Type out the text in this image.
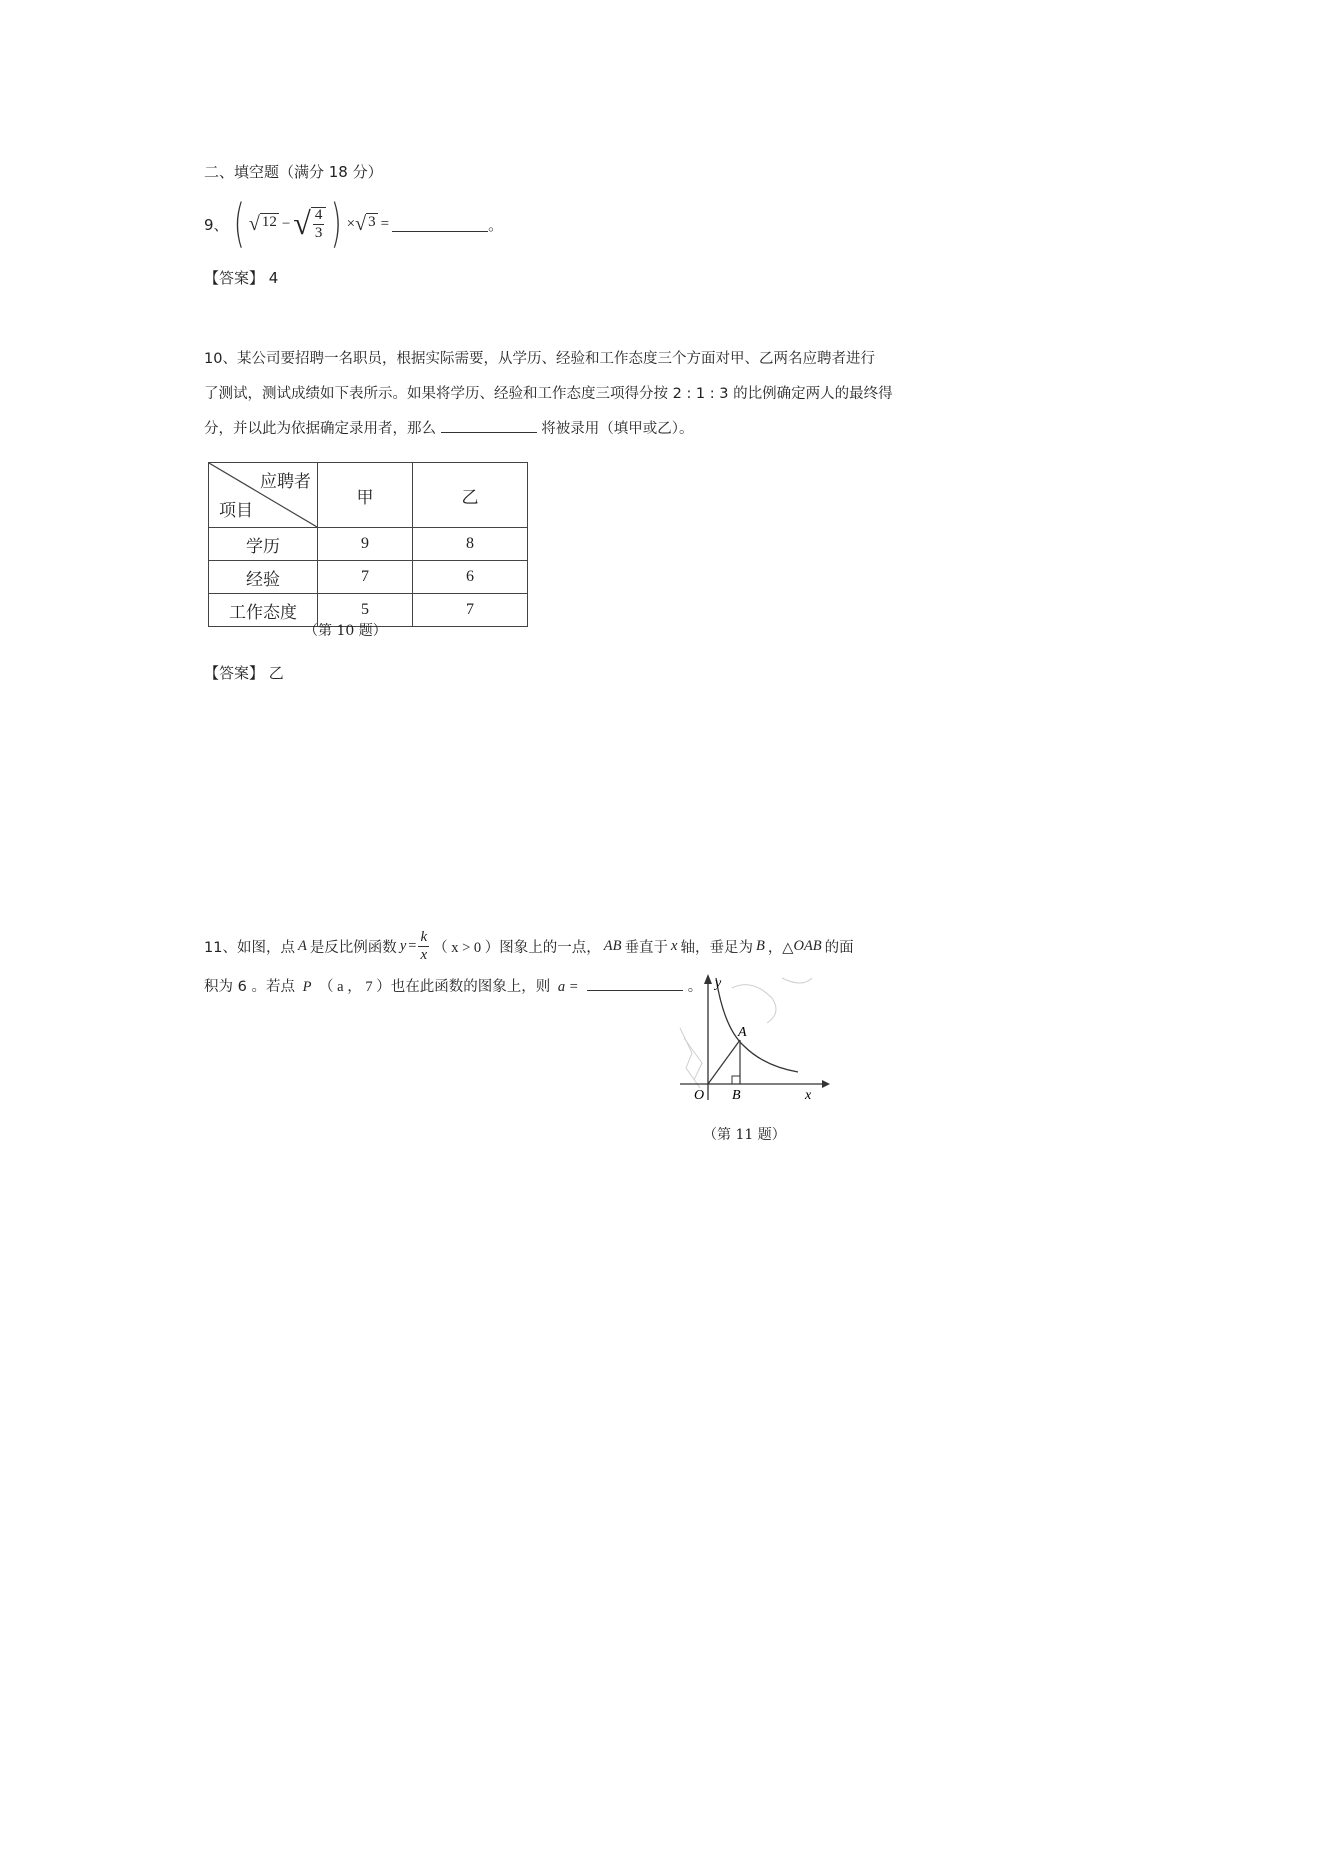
二、填空题（满分 18 分）
9、 ( √ 12 − √ $\frac{4}{3}$ ) × √ 3 =	。
【答案】 4
10、某公司要招聘一名职员，根据实际需要，从学历、经验和工作态度三个方面对甲、乙两名应聘者进行
了测试，测试成绩如下表所示。如果将学历、经验和工作态度三项得分按 2 : 1 : 3 的比例确定两人的最终得
分，并以此为依据确定录用者，那么	将被录用（填甲或乙）。
应聘者
项目	甲	乙
学历	9	8
经验	7	6
工作态度	5	7
（第 10 题）
【答案】 乙
11、如图，点 A 是反比例函数 $y = \frac{k}{x}$ （ x > 0 ） 图象上的一点， AB 垂直于 x 轴，垂足为 B ，△ OAB 的面
积为 6 。若点 P （ a ， 7 ）也在此函数的图象上，则 a =	。 y
x
O
A
B
（第 11 题）
